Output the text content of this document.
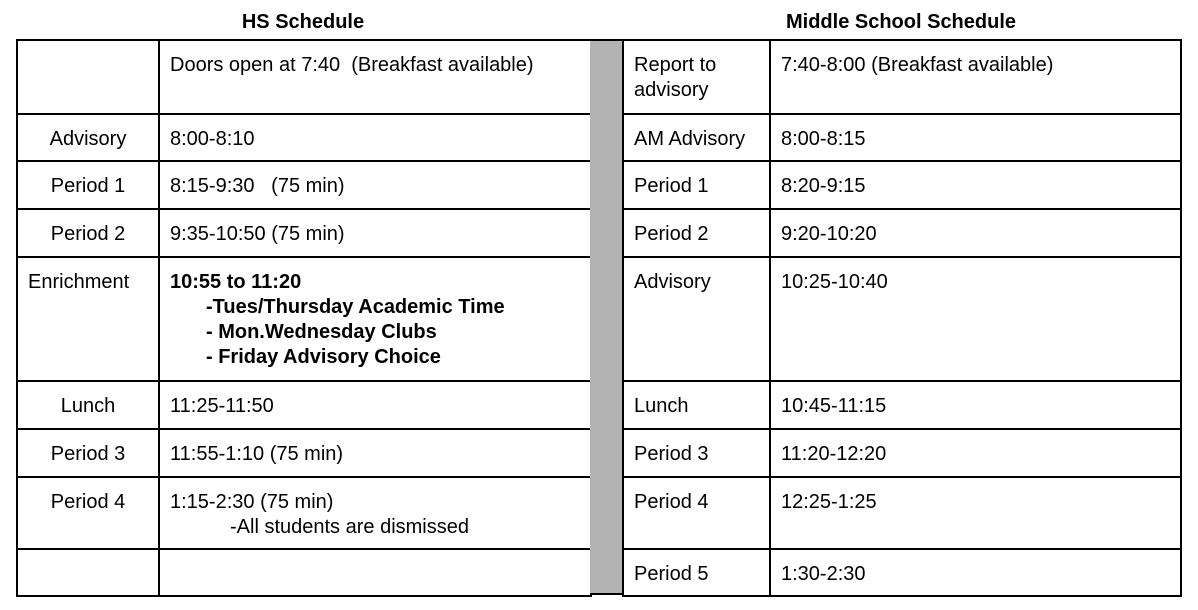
HS Schedule	Middle School Schedule

	Doors open at 7:40  (Breakfast available)

Advisory	8:00-8:10

Period 1	8:15-9:30   (75 min)

Period 2	9:35-10:50 (75 min)

Enrichment	10:55 to 11:20
-Tues/Thursday Academic Time
- Mon.Wednesday Clubs
- Friday Advisory Choice

Lunch	11:25-11:50

Period 3	11:55-1:10 (75 min)

Period 4	1:15-2:30 (75 min)
-All students are dismissed

Report to
advisory	7:40-8:00 (Breakfast available)
AM Advisory	8:00-8:15
Period 1	8:20-9:15
Period 2	9:20-10:20
Advisory	10:25-10:40
Lunch	10:45-11:15
Period 3	11:20-12:20
Period 4	12:25-1:25
Period 5	1:30-2:30
